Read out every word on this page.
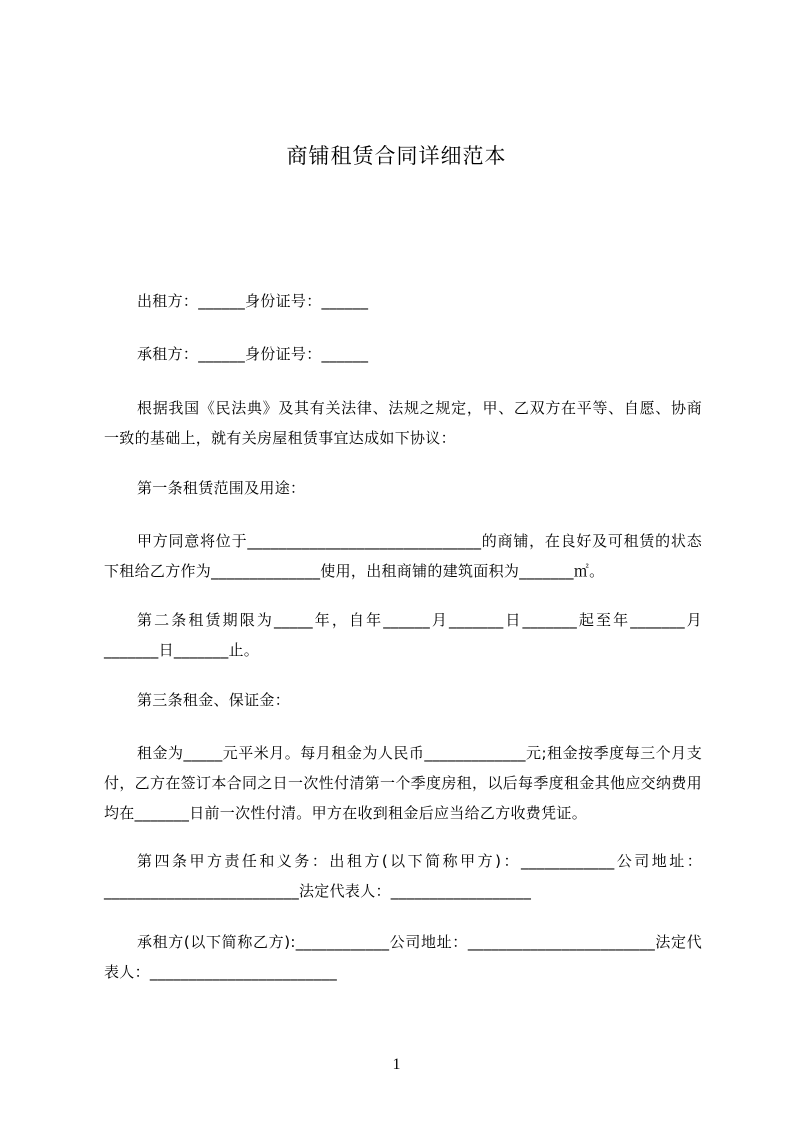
商铺租赁合同详细范本

出租方：______身份证号：______

承租方：______身份证号：______

根据我国《民法典》及其有关法律、法规之规定，甲、乙双方在平等、自愿、协商一致的基础上，就有关房屋租赁事宜达成如下协议：

第一条租赁范围及用途：

甲方同意将位于______________________________的商铺，在良好及可租赁的状态下租给乙方作为______________使用，出租商铺的建筑面积为_______㎡。

第二条租赁期限为_____年，自年______月_______日_______起至年_______月_______日_______止。

第三条租金、保证金：

租金为_____元平米月。每月租金为人民币_____________元;租金按季度每三个月支付，乙方在签订本合同之日一次性付清第一个季度房租，以后每季度租金其他应交纳费用均在_______日前一次性付清。甲方在收到租金后应当给乙方收费凭证。

第四条甲方责任和义务：出租方(以下简称甲方)：____________公司地址：_________________________法定代表人：__________________

承租方(以下简称乙方):____________公司地址：________________________法定代表人：________________________

1
